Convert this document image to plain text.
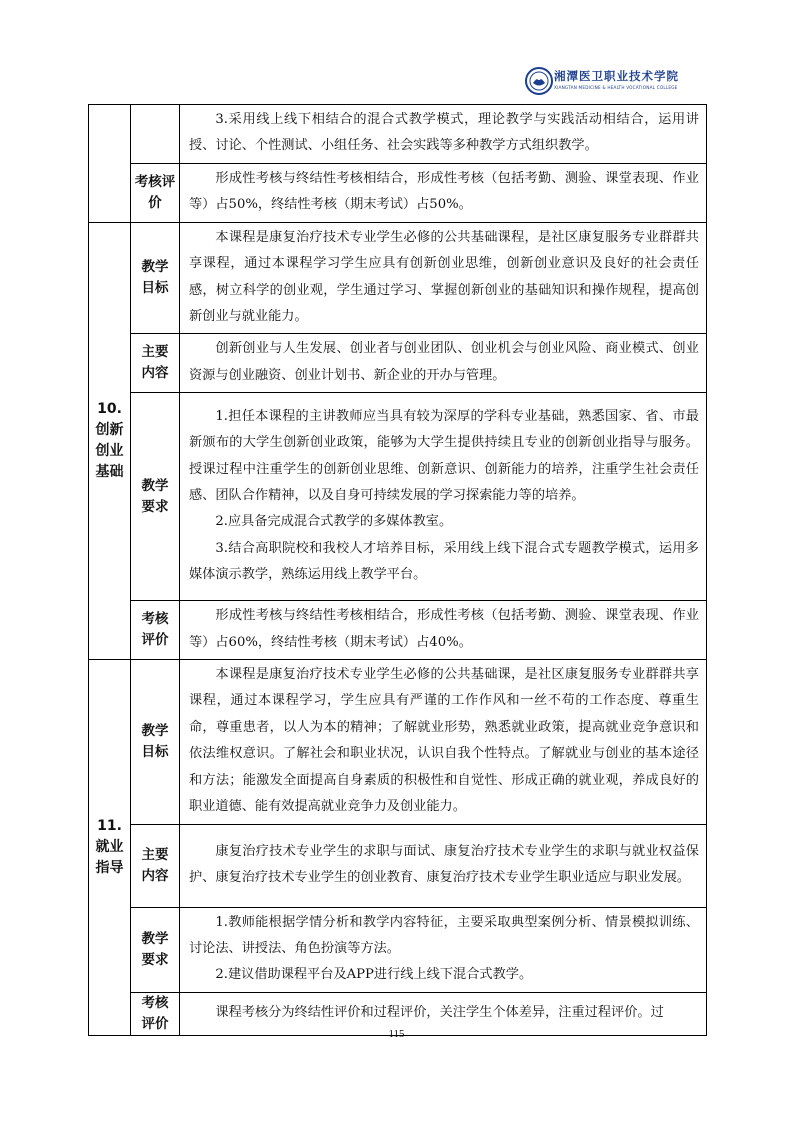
湘潭医卫职业技术学院
XIANGTAN MEDICINE & HEALTH VOCATIONAL COLLEGE

		3.采用线上线下相结合的混合式教学模式，理论教学与实践活动相结合，运用讲授、讨论、个性测试、小组任务、社会实践等多种教学方式组织教学。

	考核评价	形成性考核与终结性考核相结合，形成性考核（包括考勤、测验、课堂表现、作业等）占50%，终结性考核（期末考试）占50%。

10.创新创业基础	教学目标	本课程是康复治疗技术专业学生必修的公共基础课程，是社区康复服务专业群群共享课程，通过本课程学习学生应具有创新创业思维，创新创业意识及良好的社会责任感，树立科学的创业观，学生通过学习、掌握创新创业的基础知识和操作规程，提高创新创业与就业能力。

	主要内容	创新创业与人生发展、创业者与创业团队、创业机会与创业风险、商业模式、创业资源与创业融资、创业计划书、新企业的开办与管理。

	教学要求	1.担任本课程的主讲教师应当具有较为深厚的学科专业基础，熟悉国家、省、市最新颁布的大学生创新创业政策，能够为大学生提供持续且专业的创新创业指导与服务。授课过程中注重学生的创新创业思维、创新意识、创新能力的培养，注重学生社会责任感、团队合作精神，以及自身可持续发展的学习探索能力等的培养。

2.应具备完成混合式教学的多媒体教室。

3.结合高职院校和我校人才培养目标，采用线上线下混合式专题教学模式，运用多媒体演示教学，熟练运用线上教学平台。

	考核评价	形成性考核与终结性考核相结合，形成性考核（包括考勤、测验、课堂表现、作业等）占60%，终结性考核（期末考试）占40%。

11.就业指导	教学目标	本课程是康复治疗技术专业学生必修的公共基础课，是社区康复服务专业群群共享课程，通过本课程学习，学生应具有严谨的工作作风和一丝不苟的工作态度、尊重生命，尊重患者，以人为本的精神；了解就业形势，熟悉就业政策，提高就业竞争意识和依法维权意识。了解社会和职业状况，认识自我个性特点。了解就业与创业的基本途径和方法；能激发全面提高自身素质的积极性和自觉性、形成正确的就业观，养成良好的职业道德、能有效提高就业竞争力及创业能力。

	主要内容	康复治疗技术专业学生的求职与面试、康复治疗技术专业学生的求职与就业权益保护、康复治疗技术专业学生的创业教育、康复治疗技术专业学生职业适应与职业发展。

	教学要求	1.教师能根据学情分析和教学内容特征，主要采取典型案例分析、情景模拟训练、讨论法、讲授法、角色扮演等方法。

2.建议借助课程平台及APP进行线上线下混合式教学。

	考核评价	课程考核分为终结性评价和过程评价，关注学生个体差异，注重过程评价。过

115
